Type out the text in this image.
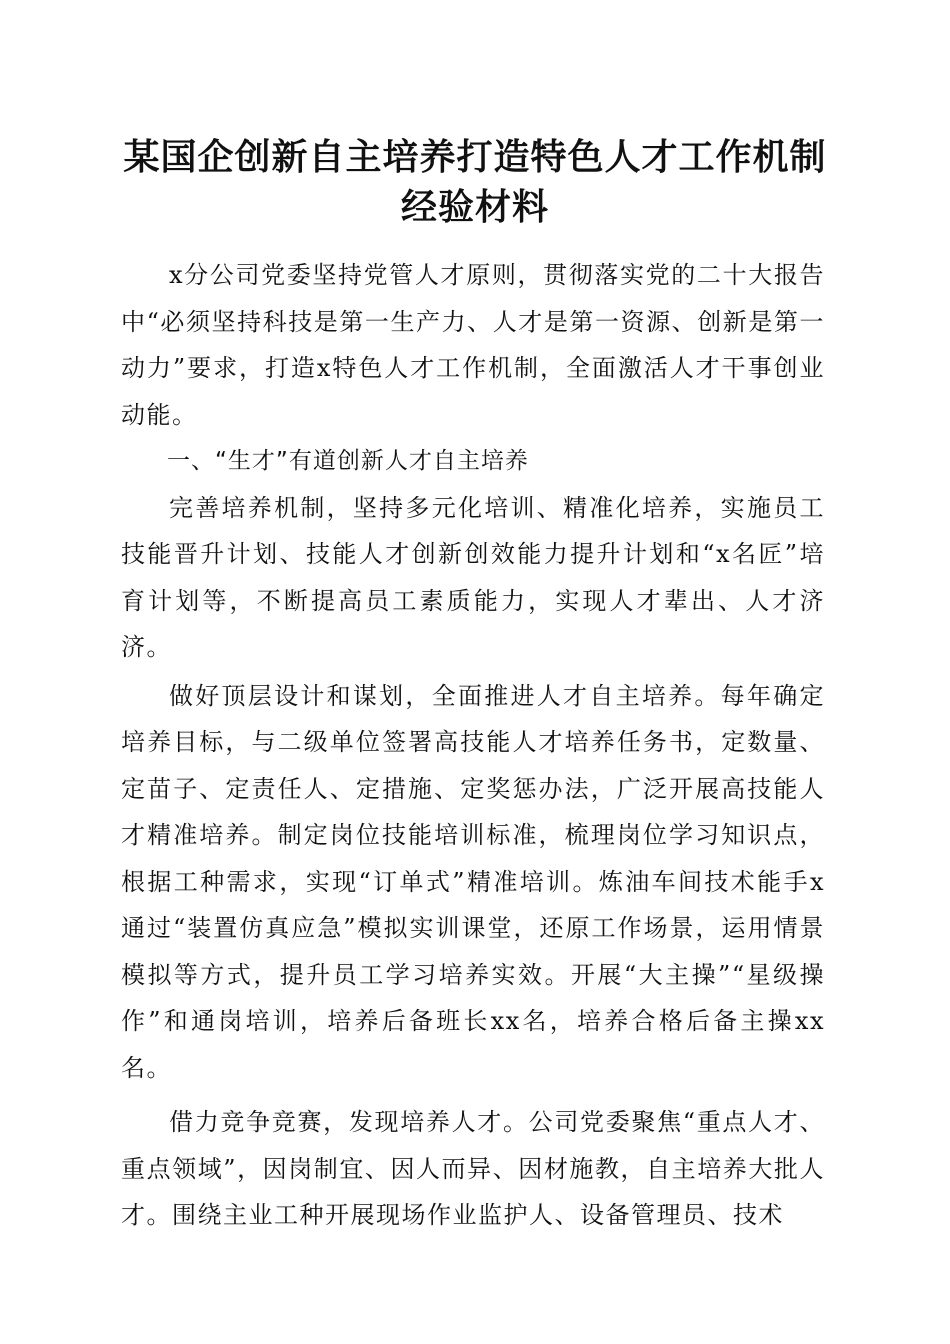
某国企创新自主培养打造特色人才工作机制经验材料

x分公司党委坚持党管人才原则，贯彻落实党的二十大报告中“必须坚持科技是第一生产力、人才是第一资源、创新是第一动力”要求，打造x特色人才工作机制，全面激活人才干事创业动能。

一、“生才”有道创新人才自主培养

完善培养机制，坚持多元化培训、精准化培养，实施员工技能晋升计划、技能人才创新创效能力提升计划和“x名匠”培育计划等，不断提高员工素质能力，实现人才辈出、人才济济。

做好顶层设计和谋划，全面推进人才自主培养。每年确定培养目标，与二级单位签署高技能人才培养任务书，定数量、定苗子、定责任人、定措施、定奖惩办法，广泛开展高技能人才精准培养。制定岗位技能培训标准，梳理岗位学习知识点，根据工种需求，实现“订单式”精准培训。炼油车间技术能手x通过“装置仿真应急”模拟实训课堂，还原工作场景，运用情景模拟等方式，提升员工学习培养实效。开展“大主操”“星级操作”和通岗培训，培养后备班长xx名，培养合格后备主操xx名。

借力竞争竞赛，发现培养人才。公司党委聚焦“重点人才、重点领域”，因岗制宜、因人而异、因材施教，自主培养大批人才。围绕主业工种开展现场作业监护人、设备管理员、技术
